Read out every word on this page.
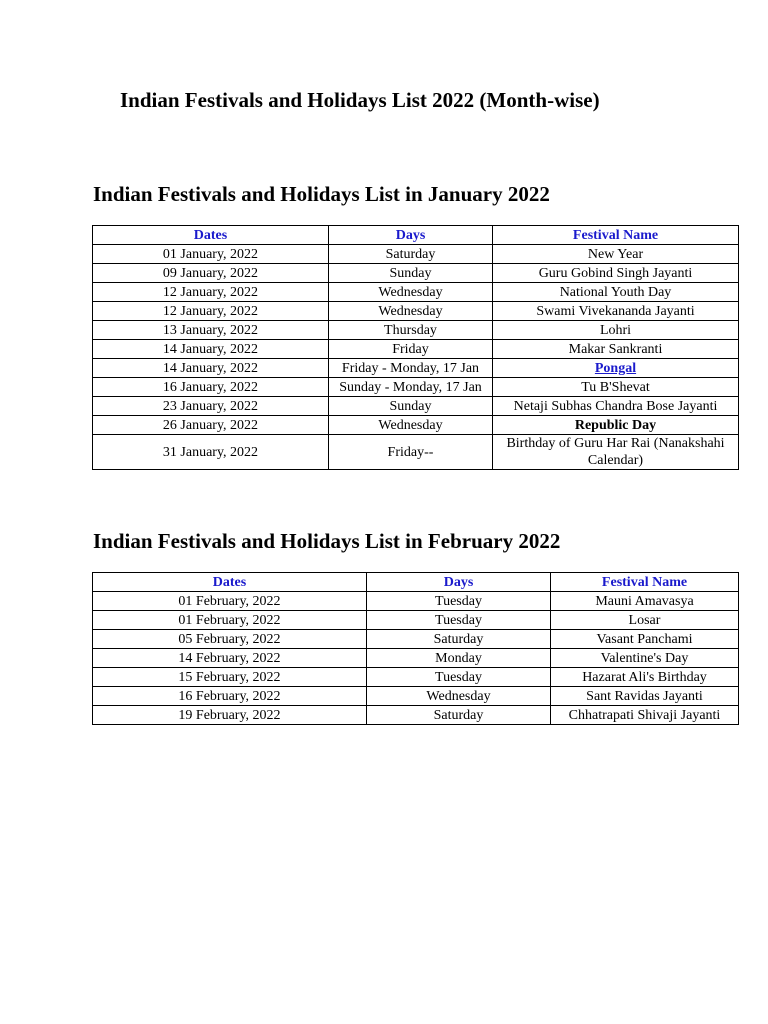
Indian Festivals and Holidays List 2022 (Month-wise)
Indian Festivals and Holidays List in January 2022
Dates	Days	Festival Name
01 January, 2022	Saturday	New Year
09 January, 2022	Sunday	Guru Gobind Singh Jayanti
12 January, 2022	Wednesday	National Youth Day
12 January, 2022	Wednesday	Swami Vivekananda Jayanti
13 January, 2022	Thursday	Lohri
14 January, 2022	Friday	Makar Sankranti
14 January, 2022	Friday - Monday, 17 Jan	Pongal
16 January, 2022	Sunday - Monday, 17 Jan	Tu B'Shevat
23 January, 2022	Sunday	Netaji Subhas Chandra Bose Jayanti
26 January, 2022	Wednesday	Republic Day
31 January, 2022	Friday--	Birthday of Guru Har Rai (Nanakshahi Calendar)
Indian Festivals and Holidays List in February 2022
Dates	Days	Festival Name
01 February, 2022	Tuesday	Mauni Amavasya
01 February, 2022	Tuesday	Losar
05 February, 2022	Saturday	Vasant Panchami
14 February, 2022	Monday	Valentine's Day
15 February, 2022	Tuesday	Hazarat Ali's Birthday
16 February, 2022	Wednesday	Sant Ravidas Jayanti
19 February, 2022	Saturday	Chhatrapati Shivaji Jayanti
